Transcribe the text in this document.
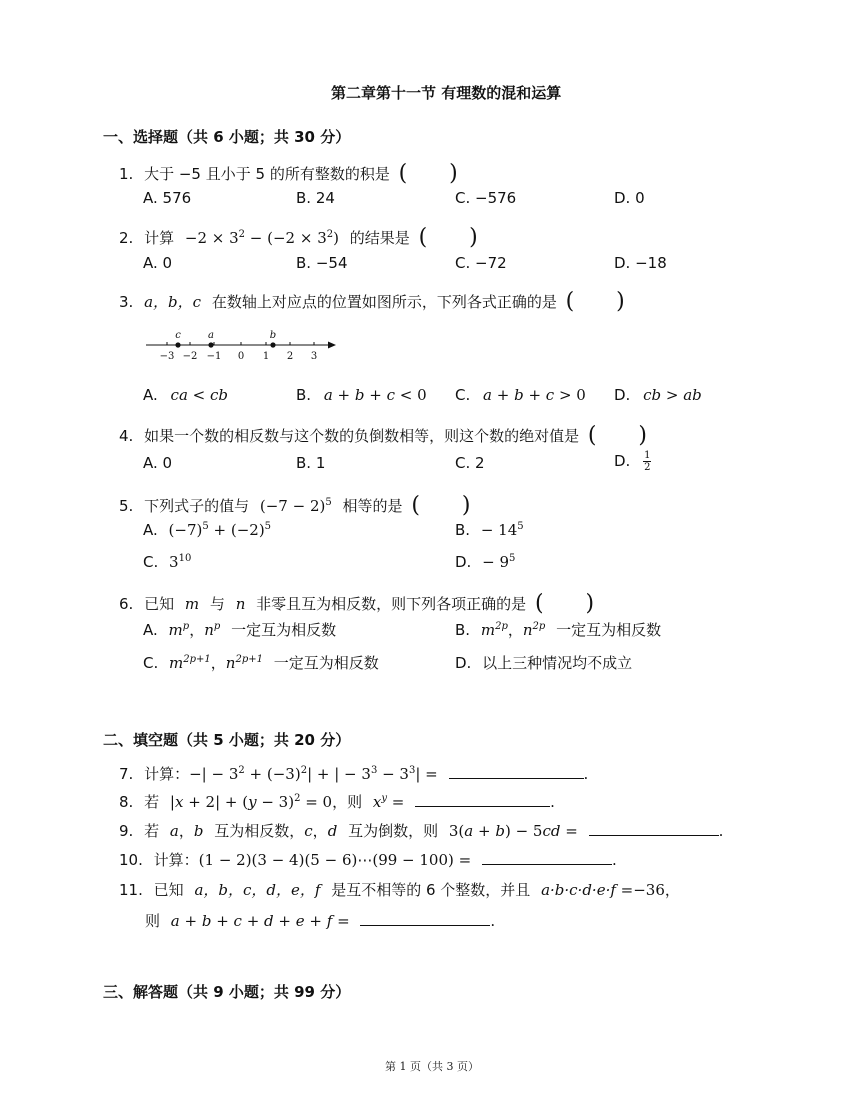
第二章第十一节 有理数的混和运算
一、选择题（共 6 小题；共 30 分）
1. 大于 −5 且小于 5 的所有整数的积是 (      )
A. 576	B. 24	C. −576	D. 0
2. 计算 $-2 \times 3^2 - (-2 \times 3^2)$ 的结果是 (      )
A. 0	B. −54	C. −72	D. −18
3. a，b，c 在数轴上对应点的位置如图所示，下列各式正确的是 (      )
−3 −2 −1 0 1 2 3
c	a	b
A. ca < cb	B. a + b + c < 0 C. a + b + c > 0 D. cb > ab
4. 如果一个数的相反数与这个数的负倒数相等，则这个数的绝对值是 (      )
A. 0	B. 1	C. 2	D. $\frac{1}{2}$
5. 下列式子的值与 $(-7 - 2)^5$ 相等的是 (      )
A. $(-7)^5 + (-2)^5$	B. − $14^5$
C. $3^{10}$	D. − $9^5$
6. 已知 m 与 n 非零且互为相反数，则下列各项正确的是 (      )
A. $m^p$，$n^p$ 一定互为相反数	B. $m^{2p}$，$n^{2p}$ 一定互为相反数
C. $m^{2p+1}$，$n^{2p+1}$ 一定互为相反数	D. 以上三种情况均不成立
二、填空题（共 5 小题；共 20 分）
7. 计算：−| − $3^2 + (-3)^2|$ + | − $3^3 - 3^3|$ =	.
8. 若 $|x + 2| + (y - 3)^2 = 0$，则 $x^y$ =	.
9. 若 a，b 互为相反数，c，d 互为倒数，则 3(a + b) − 5cd =	.
10. 计算：(1 − 2)(3 − 4)(5 − 6)⋯(99 − 100) =	.
11. 已知 a，b，c，d，e，f 是互不相等的 6 个整数，并且 a·b·c·d·e·f =−36，
则 a + b + c + d + e + f =	.
三、解答题（共 9 小题；共 99 分）
第 1 页（共 3 页）
